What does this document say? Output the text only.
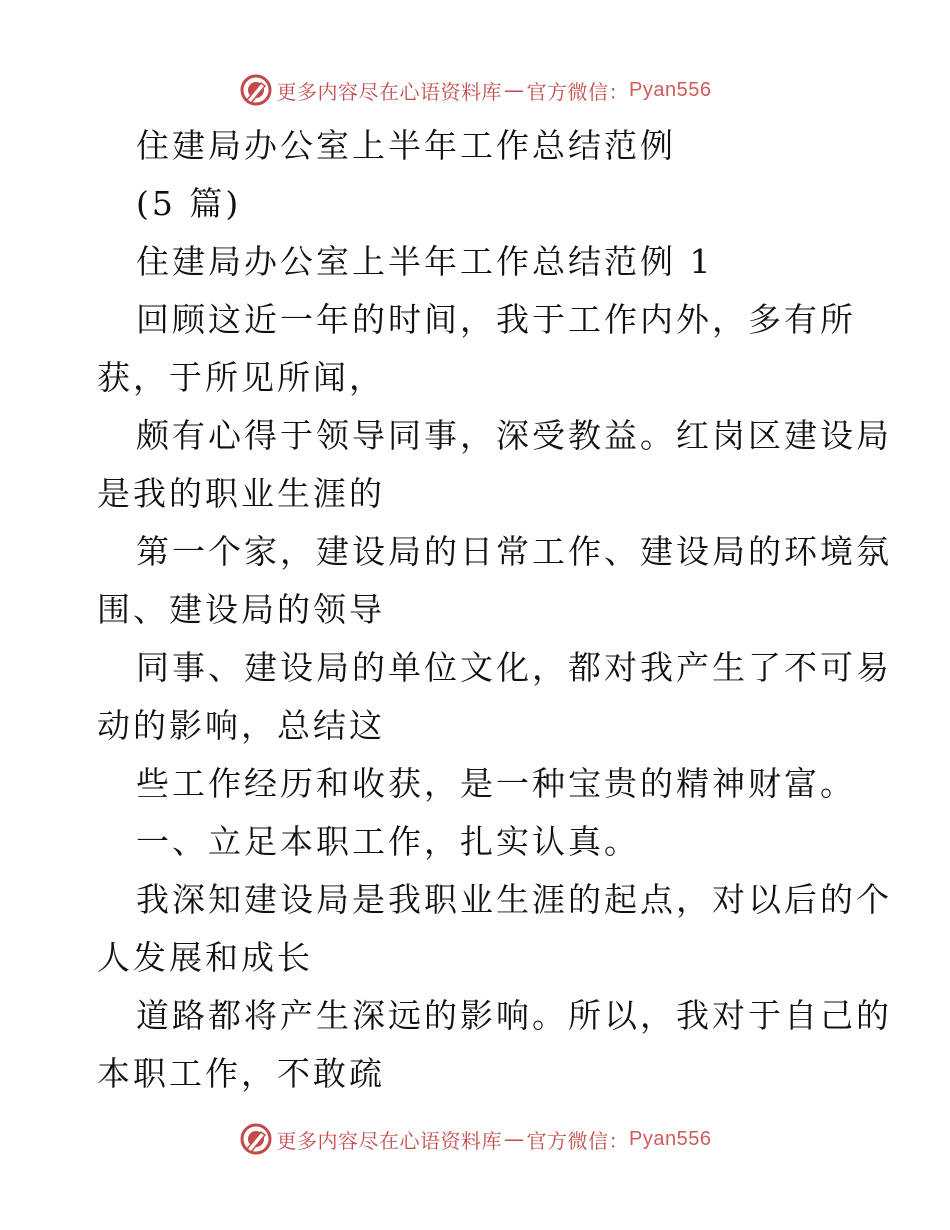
更多内容尽在心语资料库 — 官方微信： Pyan556
住建局办公室上半年工作总结范例
(5 篇)
住建局办公室上半年工作总结范例 1
回顾这近一年的时间，我于工作内外，多有所
获，于所见所闻，
颇有心得于领导同事，深受教益。红岗区建设局
是我的职业生涯的
第一个家，建设局的日常工作、建设局的环境氛
围、建设局的领导
同事、建设局的单位文化，都对我产生了不可易
动的影响，总结这
些工作经历和收获，是一种宝贵的精神财富。
一、立足本职工作，扎实认真。
我深知建设局是我职业生涯的起点，对以后的个
人发展和成长
道路都将产生深远的影响。所以，我对于自己的
本职工作，不敢疏
更多内容尽在心语资料库 — 官方微信： Pyan556
